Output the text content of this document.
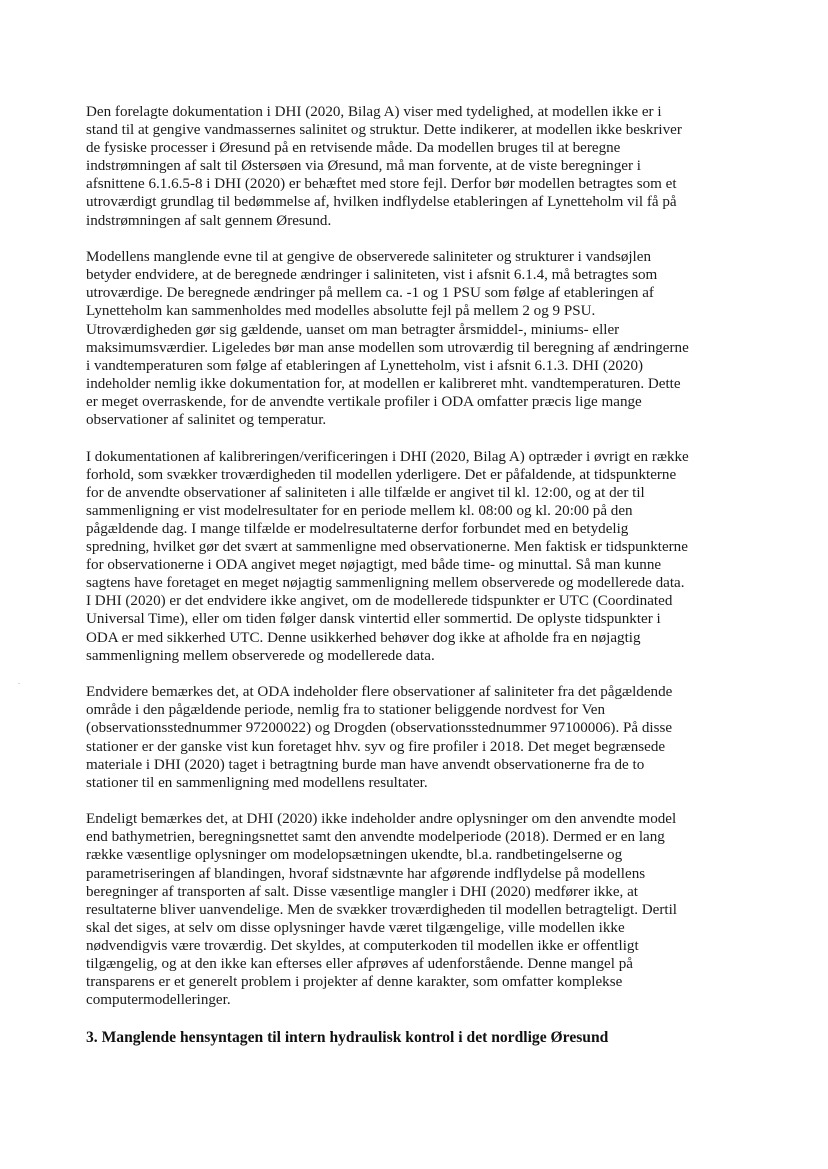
Den forelagte dokumentation i DHI (2020, Bilag A) viser med tydelighed, at modellen ikke er i
stand til at gengive vandmassernes salinitet og struktur. Dette indikerer, at modellen ikke beskriver
de fysiske processer i Øresund på en retvisende måde. Da modellen bruges til at beregne
indstrømningen af salt til Østersøen via Øresund, må man forvente, at de viste beregninger i
afsnittene 6.1.6.5-8 i DHI (2020) er behæftet med store fejl. Derfor bør modellen betragtes som et
utroværdigt grundlag til bedømmelse af, hvilken indflydelse etableringen af Lynetteholm vil få på
indstrømningen af salt gennem Øresund.

Modellens manglende evne til at gengive de observerede saliniteter og strukturer i vandsøjlen
betyder endvidere, at de beregnede ændringer i saliniteten, vist i afsnit 6.1.4, må betragtes som
utroværdige. De beregnede ændringer på mellem ca. -1 og 1 PSU som følge af etableringen af
Lynetteholm kan sammenholdes med modelles absolutte fejl på mellem 2 og 9 PSU.
Utroværdigheden gør sig gældende, uanset om man betragter årsmiddel-, miniums- eller
maksimumsværdier. Ligeledes bør man anse modellen som utroværdig til beregning af ændringerne
i vandtemperaturen som følge af etableringen af Lynetteholm, vist i afsnit 6.1.3. DHI (2020)
indeholder nemlig ikke dokumentation for, at modellen er kalibreret mht. vandtemperaturen. Dette
er meget overraskende, for de anvendte vertikale profiler i ODA omfatter præcis lige mange
observationer af salinitet og temperatur.

I dokumentationen af kalibreringen/verificeringen i DHI (2020, Bilag A) optræder i øvrigt en række
forhold, som svækker troværdigheden til modellen yderligere. Det er påfaldende, at tidspunkterne
for de anvendte observationer af saliniteten i alle tilfælde er angivet til kl. 12:00, og at der til
sammenligning er vist modelresultater for en periode mellem kl. 08:00 og kl. 20:00 på den
pågældende dag. I mange tilfælde er modelresultaterne derfor forbundet med en betydelig
spredning, hvilket gør det svært at sammenligne med observationerne. Men faktisk er tidspunkterne
for observationerne i ODA angivet meget nøjagtigt, med både time- og minuttal. Så man kunne
sagtens have foretaget en meget nøjagtig sammenligning mellem observerede og modellerede data.
I DHI (2020) er det endvidere ikke angivet, om de modellerede tidspunkter er UTC (Coordinated
Universal Time), eller om tiden følger dansk vintertid eller sommertid. De oplyste tidspunkter i
ODA er med sikkerhed UTC. Denne usikkerhed behøver dog ikke at afholde fra en nøjagtig
sammenligning mellem observerede og modellerede data.

Endvidere bemærkes det, at ODA indeholder flere observationer af saliniteter fra det pågældende
område i den pågældende periode, nemlig fra to stationer beliggende nordvest for Ven
(observationsstednummer 97200022) og Drogden (observationsstednummer 97100006). På disse
stationer er der ganske vist kun foretaget hhv. syv og fire profiler i 2018. Det meget begrænsede
materiale i DHI (2020) taget i betragtning burde man have anvendt observationerne fra de to
stationer til en sammenligning med modellens resultater.

Endeligt bemærkes det, at DHI (2020) ikke indeholder andre oplysninger om den anvendte model
end bathymetrien, beregningsnettet samt den anvendte modelperiode (2018). Dermed er en lang
række væsentlige oplysninger om modelopsætningen ukendte, bl.a. randbetingelserne og
parametriseringen af blandingen, hvoraf sidstnævnte har afgørende indflydelse på modellens
beregninger af transporten af salt. Disse væsentlige mangler i DHI (2020) medfører ikke, at
resultaterne bliver uanvendelige. Men de svækker troværdigheden til modellen betragteligt. Dertil
skal det siges, at selv om disse oplysninger havde været tilgængelige, ville modellen ikke
nødvendigvis være troværdig. Det skyldes, at computerkoden til modellen ikke er offentligt
tilgængelig, og at den ikke kan efterses eller afprøves af udenforstående. Denne mangel på
transparens er et generelt problem i projekter af denne karakter, som omfatter komplekse
computermodelleringer.

3. Manglende hensyntagen til intern hydraulisk kontrol i det nordlige Øresund
